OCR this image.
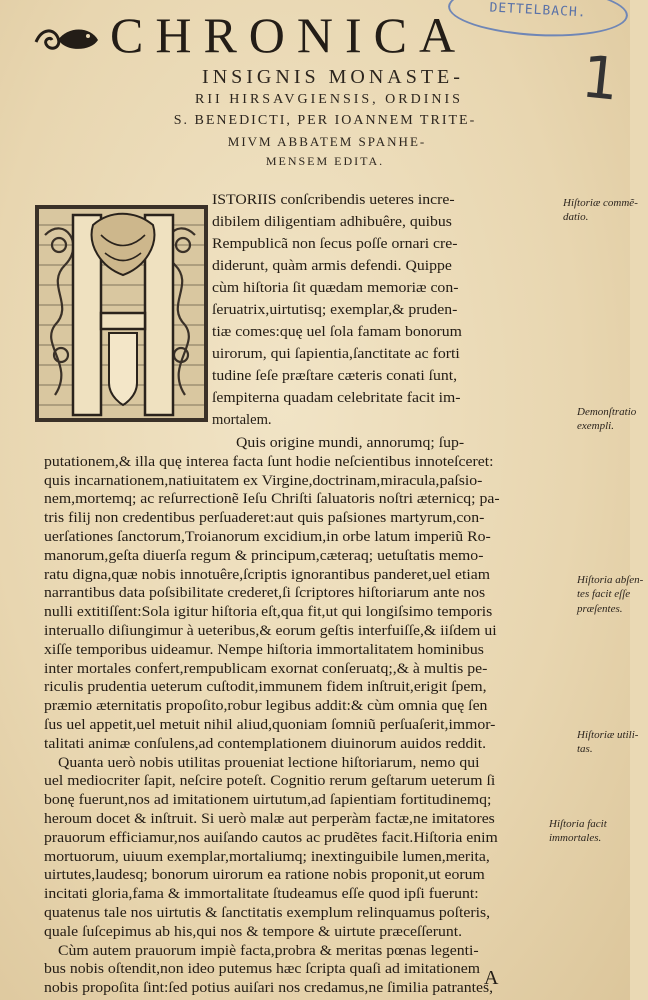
DETTELBACH.
1
CHRONICA
INSIGNIS MONASTE-
RII HIRSAVGIENSIS, ORDINIS
S. BENEDICTI, PER IOANNEM TRITE-
MIVM ABBATEM SPANHE-
MENSEM EDITA.
ISTORIIS conſcribendis ueteres incre-
dibilem diligentiam adhibuêre, quibus
Rempublicã non ſecus poſſe ornari cre-
diderunt, quàm armis defendi. Quippe
cùm hiſtoria ſit quædam memoriæ con-
ſeruatrix,uirtutisq; exemplar,& pruden-
tiæ comes:quę uel ſola famam bonorum
uirorum, qui ſapientia,ſanctitate ac forti
tudine ſeſe præſtare cæteris conati ſunt,
ſempiterna quadam celebritate facit im-
mortalem.
Quis origine mundi, annorumq; ſup-
putationem,& illa quę interea facta ſunt hodie neſcientibus innoteſceret:
quis incarnationem,natiuitatem ex Virgine,doctrinam,miracula,paſsio-
nem,mortemq; ac reſurrectionẽ Ieſu Chriſti ſaluatoris noſtri æternicq; pa-
tris filij non credentibus perſuaderet:aut quis paſsiones martyrum,con-
uerſationes ſanctorum,Troianorum excidium,in orbe latum imperiũ Ro-
manorum,geſta diuerſa regum & principum,cæteraq; uetuſtatis memo-
ratu digna,quæ nobis innotuêre,ſcriptis ignorantibus panderet,uel etiam
narrantibus data poſsibilitate crederet,ſi ſcriptores hiſtoriarum ante nos
nulli extitiſſent:Sola igitur hiſtoria eſt,qua fit,ut qui longiſsimo temporis
interuallo diſiungimur à ueteribus,& eorum geſtis interfuiſſe,& iiſdem ui
xiſſe temporibus uideamur. Nempe hiſtoria immortalitatem hominibus
inter mortales confert,rempublicam exornat conſeruatq;,& à multis pe-
riculis prudentia ueterum cuſtodit,immunem fidem inſtruit,erigit ſpem,
præmio æternitatis propoſito,robur legibus addit:& cùm omnia quę ſen
ſus uel appetit,uel metuit nihil aliud,quoniam ſomniũ perſuaſerit,immor-
talitati animæ conſulens,ad contemplationem diuinorum auidos reddit.
Quanta uerò nobis utilitas proueniat lectione hiſtoriarum, nemo qui
uel mediocriter ſapit, neſcire poteſt. Cognitio rerum geſtarum ueterum ſi
bonę fuerunt,nos ad imitationem uirtutum,ad ſapientiam fortitudinemq;
heroum docet & inſtruit. Si uerò malæ aut perperàm factæ,ne imitatores
prauorum efficiamur,nos auiſando cautos ac prudẽtes facit.Hiſtoria enim
mortuorum, uiuum exemplar,mortaliumq; inextinguibile lumen,merita,
uirtutes,laudesq; bonorum uirorum ea ratione nobis proponit,ut eorum
incitati gloria,fama & immortalitate ſtudeamus eſſe quod ipſi fuerunt:
quatenus tale nos uirtutis & ſanctitatis exemplum relinquamus poſteris,
quale ſuſcepimus ab his,qui nos & tempore & uirtute præceſſerunt.
Cùm autem prauorum impiè facta,probra & meritas pœnas legenti-
bus nobis oſtendit,non ideo putemus hæc ſcripta quaſi ad imitationem
nobis propoſita ſint:ſed potius auiſari nos credamus,ne ſimilia patrantes,
Hiſtoriæ commẽ-
datio.
Demonſtratio
exempli.
Hiſtoria abſen-
tes facit eſſe
præſentes.
Hiſtoriæ utili-
tas.
Hiſtoria facit
immortales.
A
